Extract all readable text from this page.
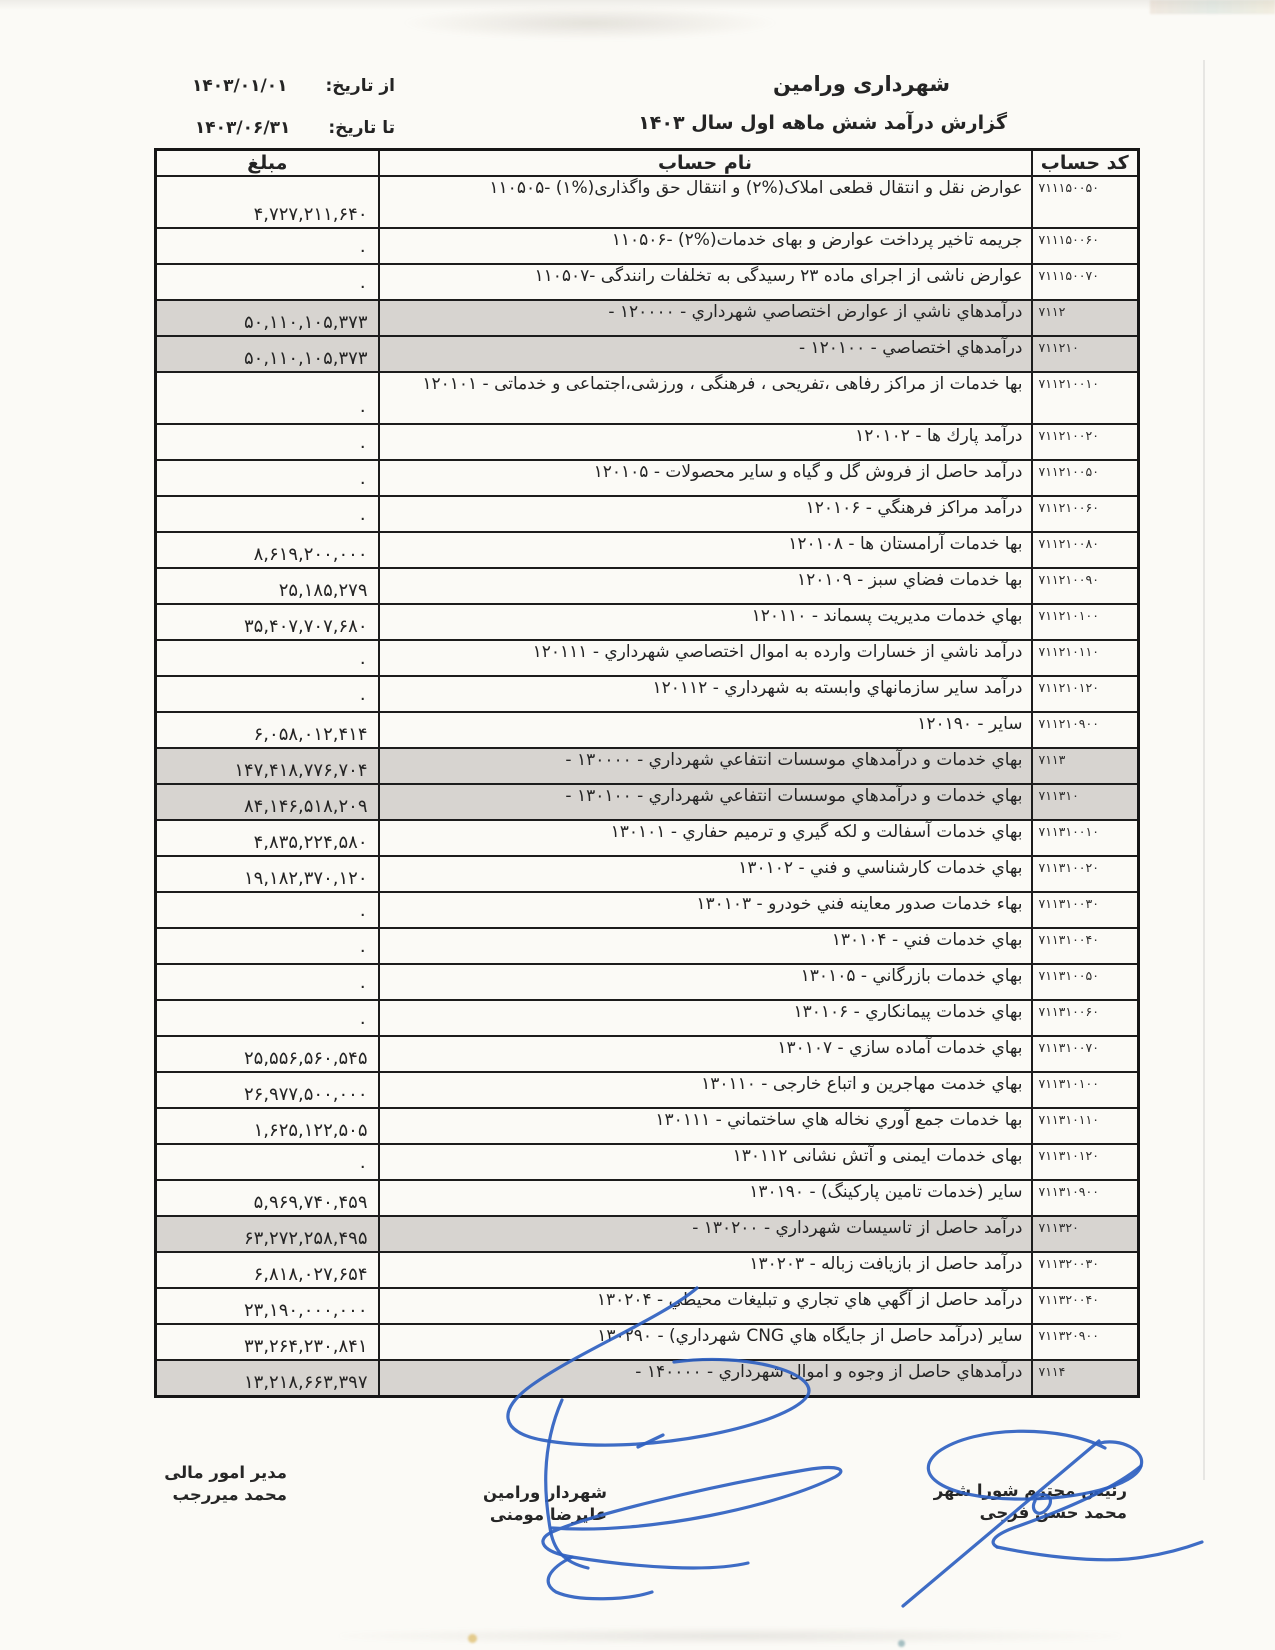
شهرداری ورامین
گزارش درآمد شش ماهه اول سال ۱۴۰۳
از تاریخ:
۱۴۰۳/۰۱/۰۱
تا تاریخ:
۱۴۰۳/۰۶/۳۱
کد حساب	نام حساب	مبلغ
۷۱۱۱۵۰۰۵۰	عوارض نقل و انتقال قطعی املاک(%۲) و انتقال حق واگذاری(%۱) -۱۱۰۵۰۵	۴,۷۲۷,۲۱۱,۶۴۰
۷۱۱۱۵۰۰۶۰	جریمه تاخیر پرداخت عوارض و بهای خدمات(%۲) -۱۱۰۵۰۶	۰
۷۱۱۱۵۰۰۷۰	عوارض ناشی از اجرای ماده ۲۳ رسیدگی به تخلفات رانندگی -۱۱۰۵۰۷	۰
۷۱۱۲	درآمدهاي ناشي از عوارض اختصاصي شهرداري - ۱۲۰۰۰۰ -	۵۰,۱۱۰,۱۰۵,۳۷۳
۷۱۱۲۱۰	درآمدهاي اختصاصي - ۱۲۰۱۰۰ -	۵۰,۱۱۰,۱۰۵,۳۷۳
۷۱۱۲۱۰۰۱۰	بها خدمات از مراکز رفاهی ،تفریحی ، فرهنگی ، ورزشی،اجتماعی و خدماتی - ۱۲۰۱۰۱	۰
۷۱۱۲۱۰۰۲۰	درآمد پارك ها - ۱۲۰۱۰۲	۰
۷۱۱۲۱۰۰۵۰	درآمد حاصل از فروش گل و گیاه و سایر محصولات - ۱۲۰۱۰۵	۰
۷۱۱۲۱۰۰۶۰	درآمد مراکز فرهنگي - ۱۲۰۱۰۶	۰
۷۱۱۲۱۰۰۸۰	بها خدمات آرامستان ها - ۱۲۰۱۰۸	۸,۶۱۹,۲۰۰,۰۰۰
۷۱۱۲۱۰۰۹۰	بها خدمات فضاي سبز - ۱۲۰۱۰۹	۲۵,۱۸۵,۲۷۹
۷۱۱۲۱۰۱۰۰	بهاي خدمات مدیریت پسماند - ۱۲۰۱۱۰	۳۵,۴۰۷,۷۰۷,۶۸۰
۷۱۱۲۱۰۱۱۰	درآمد ناشي از خسارات وارده به اموال اختصاصي شهرداري - ۱۲۰۱۱۱	۰
۷۱۱۲۱۰۱۲۰	درآمد سایر سازمانهاي وابسته به شهرداري - ۱۲۰۱۱۲	۰
۷۱۱۲۱۰۹۰۰	سایر - ۱۲۰۱۹۰	۶,۰۵۸,۰۱۲,۴۱۴
۷۱۱۳	بهاي خدمات و درآمدهاي موسسات انتفاعي شهرداري - ۱۳۰۰۰۰ -	۱۴۷,۴۱۸,۷۷۶,۷۰۴
۷۱۱۳۱۰	بهاي خدمات و درآمدهاي موسسات انتفاعي شهرداري - ۱۳۰۱۰۰ -	۸۴,۱۴۶,۵۱۸,۲۰۹
۷۱۱۳۱۰۰۱۰	بهاي خدمات آسفالت و لکه گیري و ترمیم حفاري - ۱۳۰۱۰۱	۴,۸۳۵,۲۲۴,۵۸۰
۷۱۱۳۱۰۰۲۰	بهاي خدمات کارشناسي و فني - ۱۳۰۱۰۲	۱۹,۱۸۲,۳۷۰,۱۲۰
۷۱۱۳۱۰۰۳۰	بهاء خدمات صدور معاینه فني خودرو - ۱۳۰۱۰۳	۰
۷۱۱۳۱۰۰۴۰	بهاي خدمات فني - ۱۳۰۱۰۴	۰
۷۱۱۳۱۰۰۵۰	بهاي خدمات بازرگاني - ۱۳۰۱۰۵	۰
۷۱۱۳۱۰۰۶۰	بهاي خدمات پیمانکاري - ۱۳۰۱۰۶	۰
۷۱۱۳۱۰۰۷۰	بهاي خدمات آماده سازي - ۱۳۰۱۰۷	۲۵,۵۵۶,۵۶۰,۵۴۵
۷۱۱۳۱۰۱۰۰	بهاي خدمت مهاجرین و اتباع خارجی - ۱۳۰۱۱۰	۲۶,۹۷۷,۵۰۰,۰۰۰
۷۱۱۳۱۰۱۱۰	بها خدمات جمع آوري نخاله هاي ساختماني - ۱۳۰۱۱۱	۱,۶۲۵,۱۲۲,۵۰۵
۷۱۱۳۱۰۱۲۰	بهای خدمات ایمنی و آتش نشانی ۱۳۰۱۱۲	۰
۷۱۱۳۱۰۹۰۰	سایر (خدمات تامین پارکینگ) - ۱۳۰۱۹۰	۵,۹۶۹,۷۴۰,۴۵۹
۷۱۱۳۲۰	درآمد حاصل از تاسیسات شهرداري - ۱۳۰۲۰۰ -	۶۳,۲۷۲,۲۵۸,۴۹۵
۷۱۱۳۲۰۰۳۰	درآمد حاصل از بازیافت زباله - ۱۳۰۲۰۳	۶,۸۱۸,۰۲۷,۶۵۴
۷۱۱۳۲۰۰۴۰	درآمد حاصل از آگهي هاي تجاري و تبلیغات محیطي - ۱۳۰۲۰۴	۲۳,۱۹۰,۰۰۰,۰۰۰
۷۱۱۳۲۰۹۰۰	سایر (درآمد حاصل از جایگاه هاي CNG شهرداري) - ۱۳۰۲۹۰	۳۳,۲۶۴,۲۳۰,۸۴۱
۷۱۱۴	درآمدهاي حاصل از وجوه و اموال شهرداري - ۱۴۰۰۰۰ -	۱۳,۲۱۸,۶۶۳,۳۹۷
رئیس محترم شورا شهر
محمد حسن فرجی
شهردار ورامین
علیرضا مومنی
مدیر امور مالی
محمد میررجب
